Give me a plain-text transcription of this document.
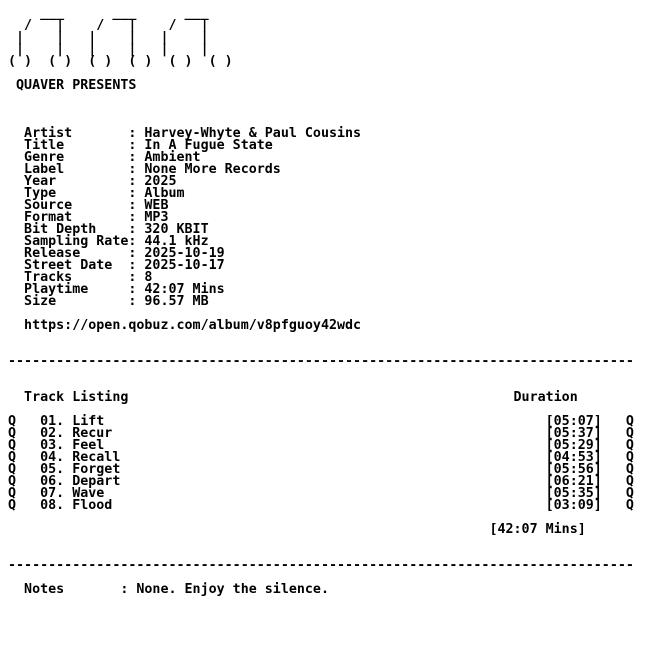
___      ___      ___
/   |    /   |    /   |
|    |   |    |   |    |
|    |   |    |   |    |
( )  ( )  ( )  ( )  ( )  ( )

QUAVER PRESENTS

Artist       : Harvey-Whyte & Paul Cousins
Title        : In A Fugue State
Genre        : Ambient
Label        : None More Records
Year         : 2025
Type         : Album
Source       : WEB
Format       : MP3
Bit Depth    : 320 KBIT
Sampling Rate: 44.1 kHz
Release      : 2025-10-19
Street Date  : 2025-10-17
Tracks       : 8
Playtime     : 42:07 Mins
Size         : 96.57 MB

https://open.qobuz.com/album/v8pfguoy42wdc

------------------------------------------------------------------------------

Track Listing                                                Duration

Q   01. Lift                                                       [05:07]   Q
Q   02. Recur                                                      [05:37]   Q
Q   03. Feel                                                       [05:29]   Q
Q   04. Recall                                                     [04:53]   Q
Q   05. Forget                                                     [05:56]   Q
Q   06. Depart                                                     [06:21]   Q
Q   07. Wave                                                       [05:35]   Q
Q   08. Flood                                                      [03:09]   Q

[42:07 Mins]

------------------------------------------------------------------------------

Notes       : None. Enjoy the silence.
